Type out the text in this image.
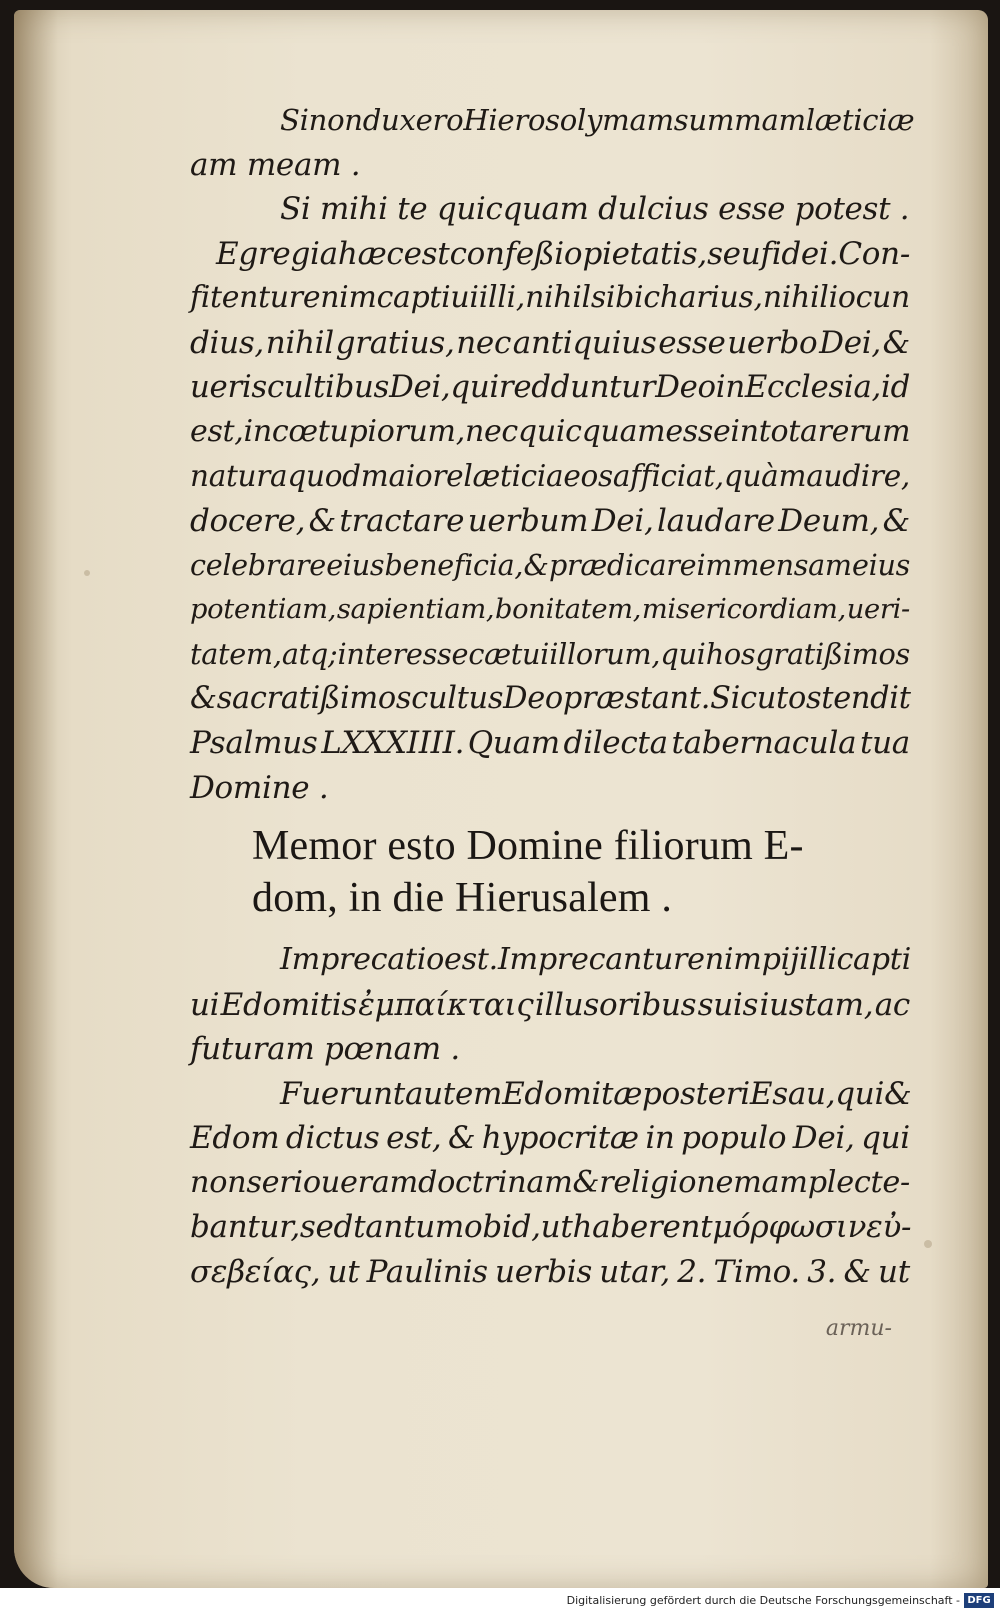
Si non duxero Hierosolymam summam læticiæ
am meam .
Si mihi te quicquam dulcius esse potest .
Egregia hæc est confeßio pietatis, seu fidei . Con-
fitentur enim captiui illi, nihil sibi charius, nihil iocun
dius, nihil gratius, nec antiquius esse uerbo Dei, &
ueris cultibus Dei, qui redduntur Deo in Ecclesia, id
est, in cœtu piorum, nec quicquam esse in tota rerum
natura quod maiore læticia eos afficiat, quàm audire,
docere, & tractare uerbum Dei, laudare Deum, &
celebrare eius beneficia, & prædicare immensam eius
potentiam, sapientiam, bonitatem, misericordiam, ueri-
tatem, atq; interesse cætui illorum, qui hos gratißimos
& sacratißimos cultus Deo præstant . Sicut ostendit
Psalmus LXXXIIII. Quam dilecta tabernacula tua
Domine .
Memor esto Domine filiorum E-
dom, in die Hierusalem .
Imprecatio est . Imprecantur enim pij illi capti
ui Edomitis ἐμπαίκταις illusoribus suis iustam, ac
futuram pœnam .
Fuerunt autem Edomitæ posteri Esau, qui &
Edom dictus est, & hypocritæ in populo Dei, qui
non serio ueram doctrinam & religionem amplecte-
bantur, sed tantum ob id, ut haberent μόρφωσιν εὐ-
σεβείας, ut Paulinis uerbis utar, 2. Timo. 3. & ut
armu-
Digitalisierung gefördert durch die Deutsche Forschungsgemeinschaft - DFG
